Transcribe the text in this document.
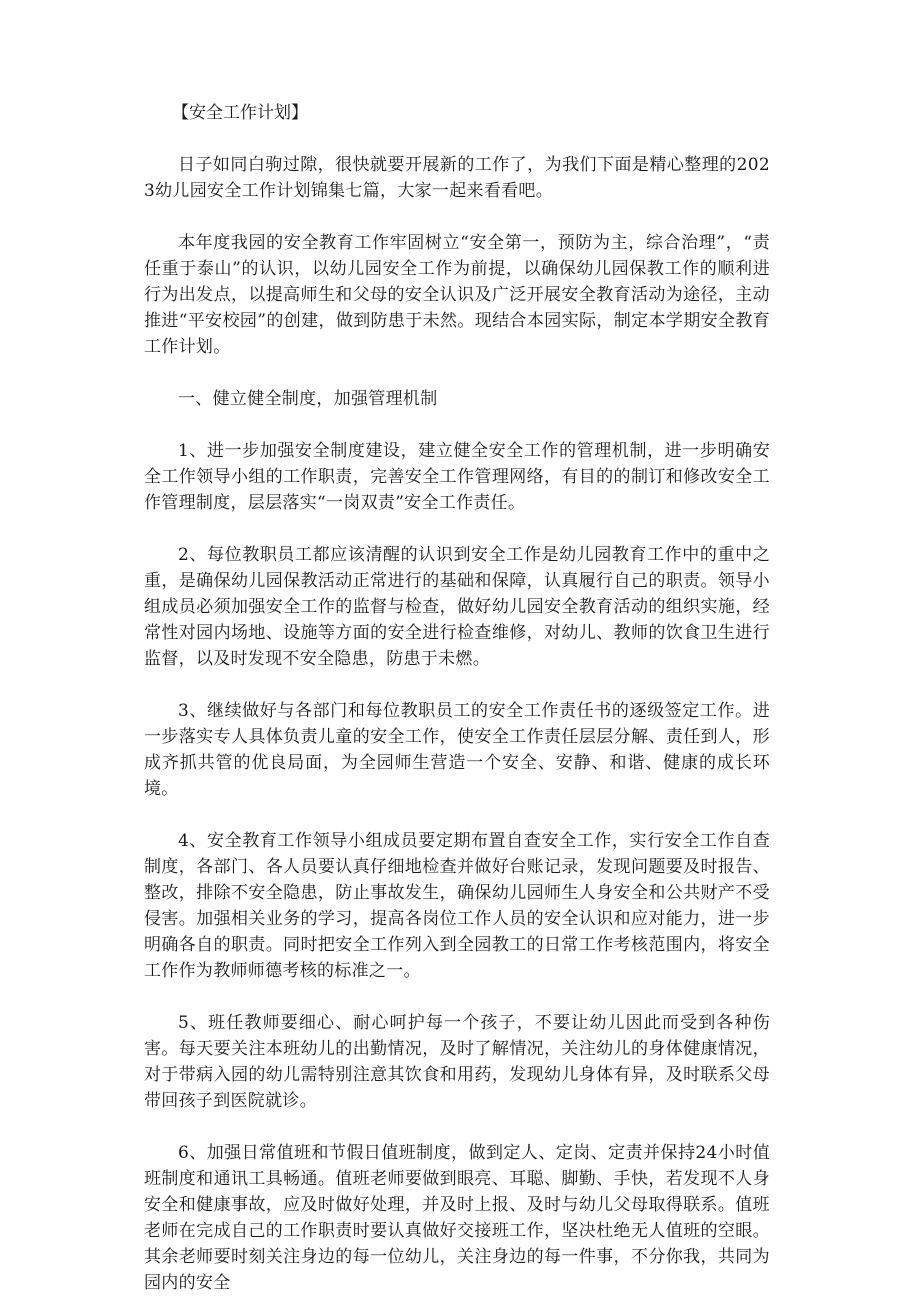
【安全工作计划】

日子如同白驹过隙，很快就要开展新的工作了，为我们下面是精心整理的2023幼儿园安全工作计划锦集七篇，大家一起来看看吧。

本年度我园的安全教育工作牢固树立“安全第一，预防为主，综合治理”，“责任重于泰山”的认识，以幼儿园安全工作为前提，以确保幼儿园保教工作的顺利进行为出发点，以提高师生和父母的安全认识及广泛开展安全教育活动为途径，主动推进“平安校园”的创建，做到防患于未然。现结合本园实际，制定本学期安全教育工作计划。

一、健立健全制度，加强管理机制

1、进一步加强安全制度建设，建立健全安全工作的管理机制，进一步明确安全工作领导小组的工作职责，完善安全工作管理网络，有目的的制订和修改安全工作管理制度，层层落实“一岗双责”安全工作责任。

2、每位教职员工都应该清醒的认识到安全工作是幼儿园教育工作中的重中之重，是确保幼儿园保教活动正常进行的基础和保障，认真履行自己的职责。领导小组成员必须加强安全工作的监督与检查，做好幼儿园安全教育活动的组织实施，经常性对园内场地、设施等方面的安全进行检查维修，对幼儿、教师的饮食卫生进行监督，以及时发现不安全隐患，防患于未燃。

3、继续做好与各部门和每位教职员工的安全工作责任书的逐级签定工作。进一步落实专人具体负责儿童的安全工作，使安全工作责任层层分解、责任到人，形成齐抓共管的优良局面，为全园师生营造一个安全、安静、和谐、健康的成长环境。

4、安全教育工作领导小组成员要定期布置自查安全工作，实行安全工作自查制度，各部门、各人员要认真仔细地检查并做好台账记录，发现问题要及时报告、整改，排除不安全隐患，防止事故发生，确保幼儿园师生人身安全和公共财产不受侵害。加强相关业务的学习，提高各岗位工作人员的安全认识和应对能力，进一步明确各自的职责。同时把安全工作列入到全园教工的日常工作考核范围内，将安全工作作为教师师德考核的标准之一。

5、班任教师要细心、耐心呵护每一个孩子，不要让幼儿因此而受到各种伤害。每天要关注本班幼儿的出勤情况，及时了解情况，关注幼儿的身体健康情况，对于带病入园的幼儿需特别注意其饮食和用药，发现幼儿身体有异，及时联系父母带回孩子到医院就诊。

6、加强日常值班和节假日值班制度，做到定人、定岗、定责并保持24小时值班制度和通讯工具畅通。值班老师要做到眼亮、耳聪、脚勤、手快，若发现不人身安全和健康事故，应及时做好处理，并及时上报、及时与幼儿父母取得联系。值班老师在完成自己的工作职责时要认真做好交接班工作，坚决杜绝无人值班的空眼。其余老师要时刻关注身边的每一位幼儿，关注身边的每一件事，不分你我，共同为园内的安全
